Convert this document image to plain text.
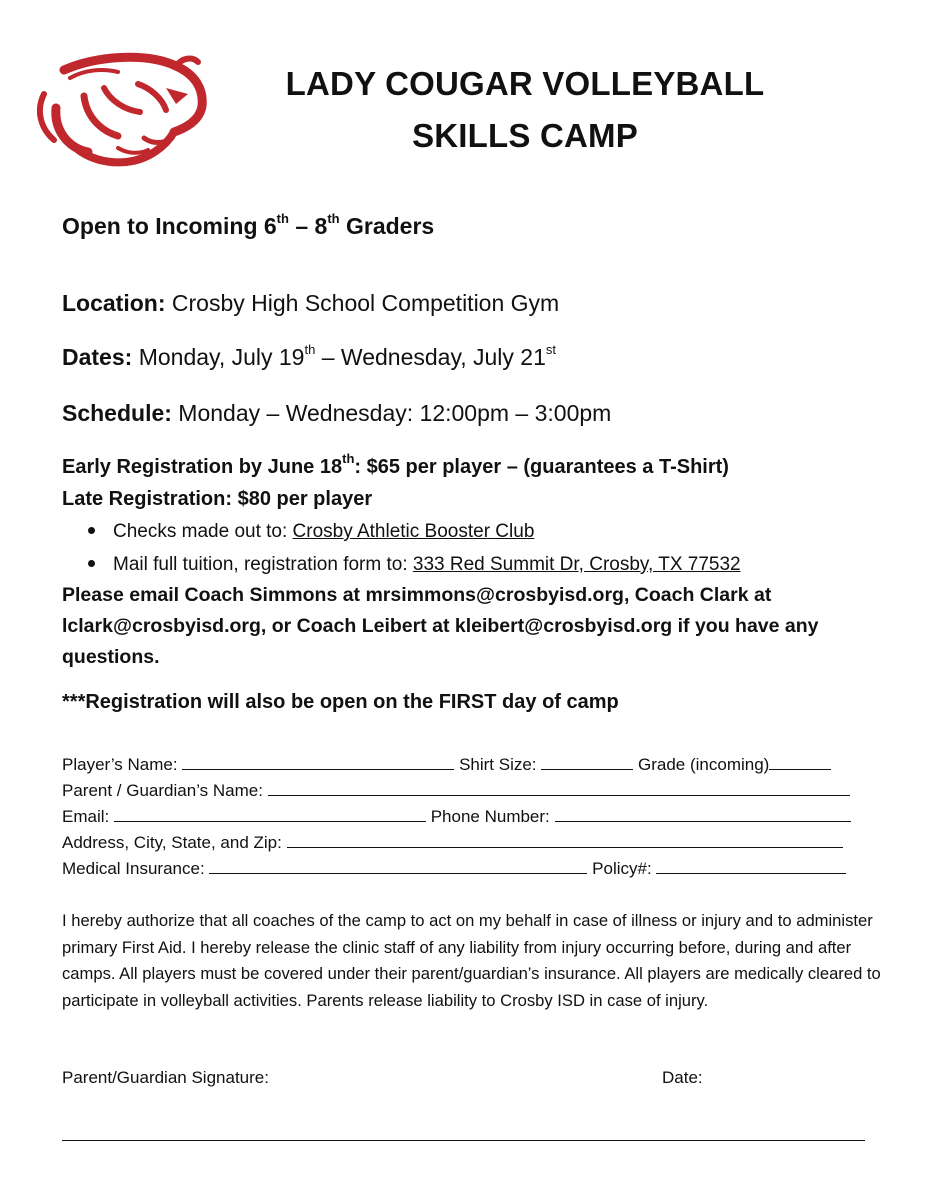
LADY COUGAR VOLLEYBALL
SKILLS CAMP
Open to Incoming 6th – 8th Graders
Location: Crosby High School Competition Gym
Dates: Monday, July 19th – Wednesday, July 21st
Schedule: Monday – Wednesday: 12:00pm – 3:00pm
Early Registration by June 18th: $65 per player – (guarantees a T-Shirt)
Late Registration: $80 per player
Checks made out to: Crosby Athletic Booster Club
Mail full tuition, registration form to: 333 Red Summit Dr, Crosby, TX 77532
Please email Coach Simmons at mrsimmons@crosbyisd.org, Coach Clark at lclark@crosbyisd.org, or Coach Leibert at kleibert@crosbyisd.org if you have any questions.
***Registration will also be open on the FIRST day of camp
Player’s Name:	Shirt Size:	Grade (incoming)
Parent / Guardian’s Name:
Email:	Phone Number:
Address, City, State, and Zip:
Medical Insurance:	Policy#:
I hereby authorize that all coaches of the camp to act on my behalf in case of illness or injury and to administer primary First Aid. I hereby release the clinic staff of any liability from injury occurring before, during and after camps. All players must be covered under their parent/guardian’s insurance. All players are medically cleared to participate in volleyball activities. Parents release liability to Crosby ISD in case of injury.
Parent/Guardian Signature:	Date:
